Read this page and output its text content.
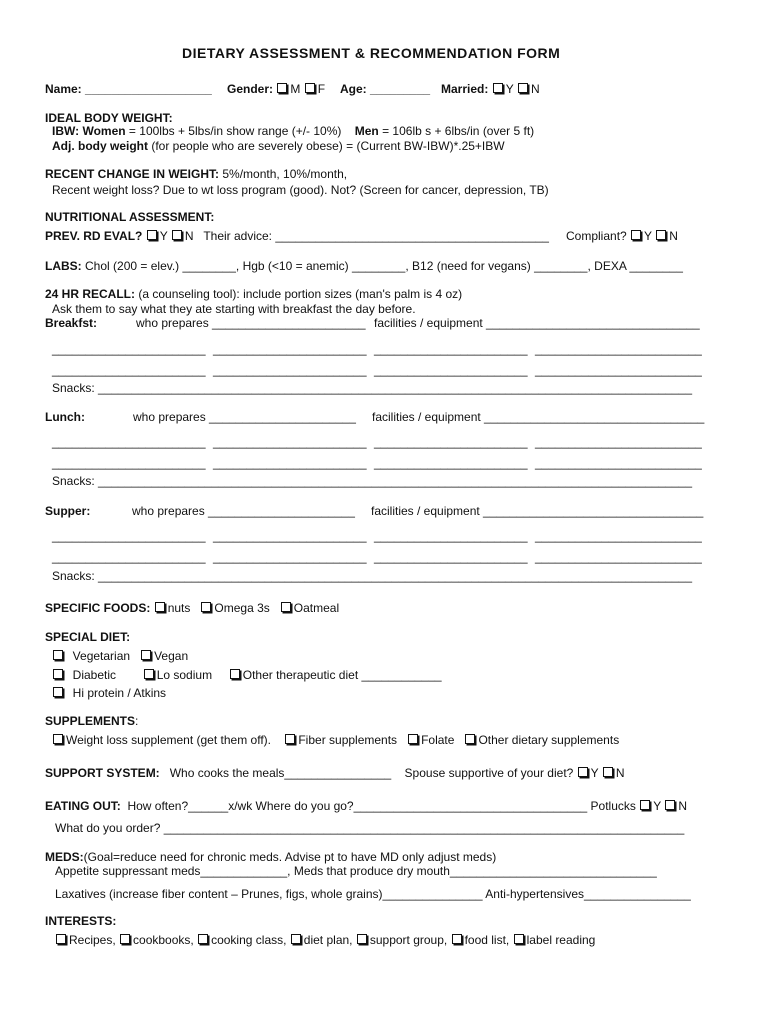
DIETARY ASSESSMENT & RECOMMENDATION FORM
Name: ___________________ Gender: M F Age: _________ Married: Y N
IDEAL BODY WEIGHT:
IBW: Women = 100lbs + 5lbs/in show range (+/- 10%) Men = 106lb s + 6lbs/in (over 5 ft)
Adj. body weight (for people who are severely obese) = (Current BW-IBW)*.25+IBW
RECENT CHANGE IN WEIGHT: 5%/month, 10%/month,
Recent weight loss? Due to wt loss program (good). Not? (Screen for cancer, depression, TB)
NUTRITIONAL ASSESSMENT:
PREV. RD EVAL? Y N Their advice: _________________________________________ Compliant? Y N
LABS: Chol (200 = elev.) ________, Hgb (<10 = anemic) ________, B12 (need for vegans) ________, DEXA ________
24 HR RECALL: (a counseling tool): include portion sizes (man's palm is 4 oz)
Ask them to say what they ate starting with breakfast the day before.
Breakfst:	who prepares _______________________ facilities / equipment ________________________________
_______________________ _______________________ _______________________ _________________________
_______________________ _______________________ _______________________ _________________________
Snacks: _________________________________________________________________________________________
Lunch:	who prepares ______________________ facilities / equipment _________________________________
_______________________ _______________________ _______________________ _________________________
_______________________ _______________________ _______________________ _________________________
Snacks: _________________________________________________________________________________________
Supper:	who prepares ______________________ facilities / equipment _________________________________
_______________________ _______________________ _______________________ _________________________
_______________________ _______________________ _______________________ _________________________
Snacks: _________________________________________________________________________________________
SPECIFIC FOODS: nuts Omega 3s Oatmeal
SPECIAL DIET:
Vegetarian Vegan
Diabetic	Lo sodium	Other therapeutic diet ____________
Hi protein / Atkins
SUPPLEMENTS:
Weight loss supplement (get them off). Fiber supplements Folate Other dietary supplements
SUPPORT SYSTEM: Who cooks the meals________________ Spouse supportive of your diet? Y N
EATING OUT: How often?______x/wk Where do you go?___________________________________ Potlucks Y N
What do you order? ______________________________________________________________________________
MEDS:(Goal=reduce need for chronic meds. Advise pt to have MD only adjust meds)
Appetite suppressant meds_____________, Meds that produce dry mouth_______________________________
Laxatives (increase fiber content – Prunes, figs, whole grains)_______________ Anti-hypertensives________________
INTERESTS:
Recipes, cookbooks, cooking class, diet plan, support group, food list, label reading
